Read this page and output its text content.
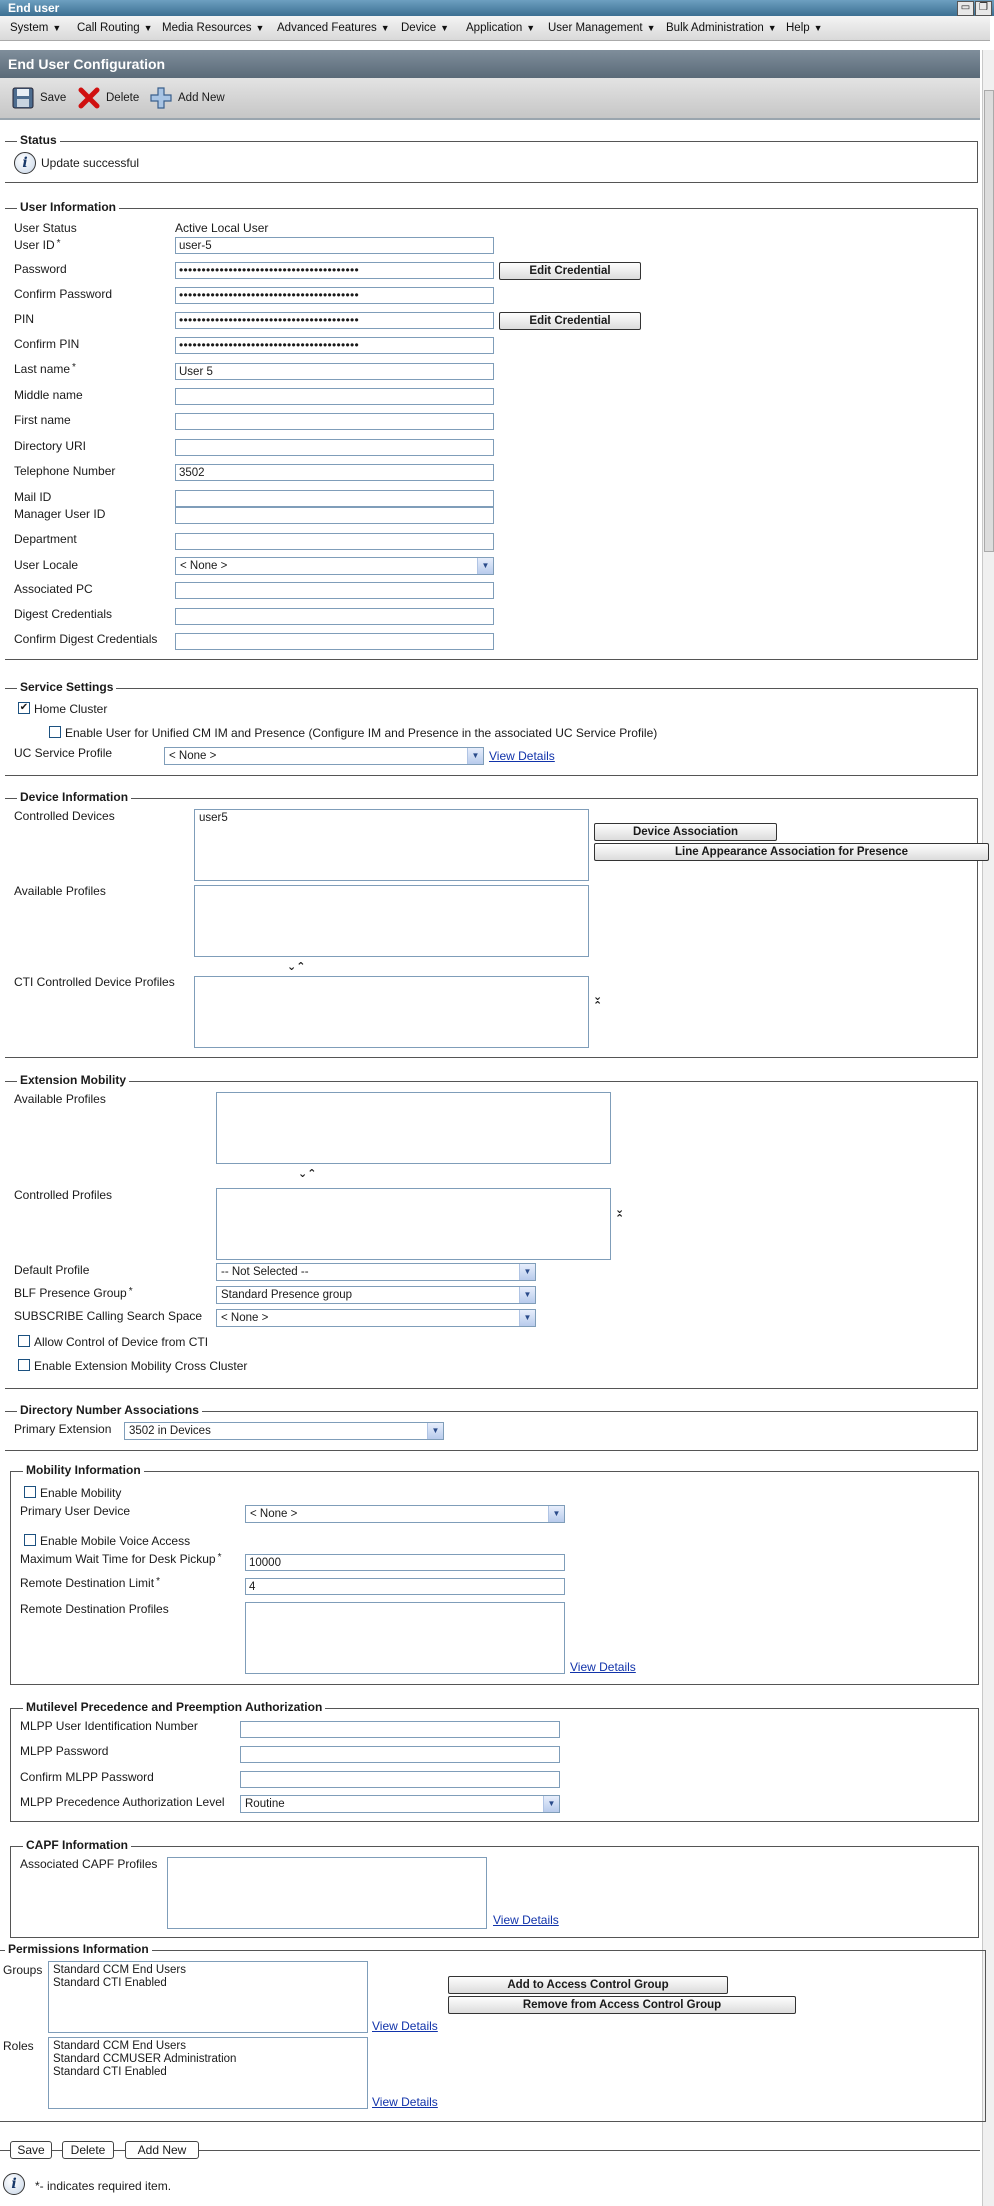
End user	▭ ❐
System ▼ Call Routing ▼ Media Resources ▼ Advanced Features ▼ Device ▼ Application ▼ User Management ▼ Bulk Administration ▼ Help ▼
End User Configuration
Save	Delete	Add New
Status
i	Update successful
User Information
User Status	Active Local User
User ID *	user-5
Password	••••••••••••••••••••••••••••••••••••••••	Edit Credential
Confirm Password	••••••••••••••••••••••••••••••••••••••••
PIN	••••••••••••••••••••••••••••••••••••••••	Edit Credential
Confirm PIN	••••••••••••••••••••••••••••••••••••••••
Last name *	User 5
Middle name
First name
Directory URI
Telephone Number	3502
Mail ID
Manager User ID
Department
User Locale	< None >	▼
Associated PC
Digest Credentials
Confirm Digest Credentials
Service Settings
✔ Home Cluster
Enable User for Unified CM IM and Presence (Configure IM and Presence in the associated UC Service Profile)
UC Service Profile	< None >	▼ View Details
Device Information
Controlled Devices	user5
Device Association
Line Appearance Association for Presence
Available Profiles
⌄⌃
CTI Controlled Device Profiles
⌄
⌃
Extension Mobility
Available Profiles
⌄⌃
Controlled Profiles
⌄
⌃
Default Profile	-- Not Selected --	▼
BLF Presence Group *	Standard Presence group	▼
SUBSCRIBE Calling Search Space	< None >	▼
Allow Control of Device from CTI
Enable Extension Mobility Cross Cluster
Directory Number Associations
Primary Extension	3502 in Devices	▼
Mobility Information
Enable Mobility
Primary User Device	< None >	▼
Enable Mobile Voice Access
Maximum Wait Time for Desk Pickup *	10000
Remote Destination Limit *	4
Remote Destination Profiles
View Details
Mutilevel Precedence and Preemption Authorization
MLPP User Identification Number
MLPP Password
Confirm MLPP Password
MLPP Precedence Authorization Level	Routine	▼
CAPF Information
Associated CAPF Profiles
View Details
Permissions Information
Groups Standard CCM End Users
Standard CTI Enabled	Add to Access Control Group
Remove from Access Control Group
View Details
Roles Standard CCM End Users
Standard CCMUSER Administration
Standard CTI Enabled
View Details
Save	Delete	Add New
i	*- indicates required item.
